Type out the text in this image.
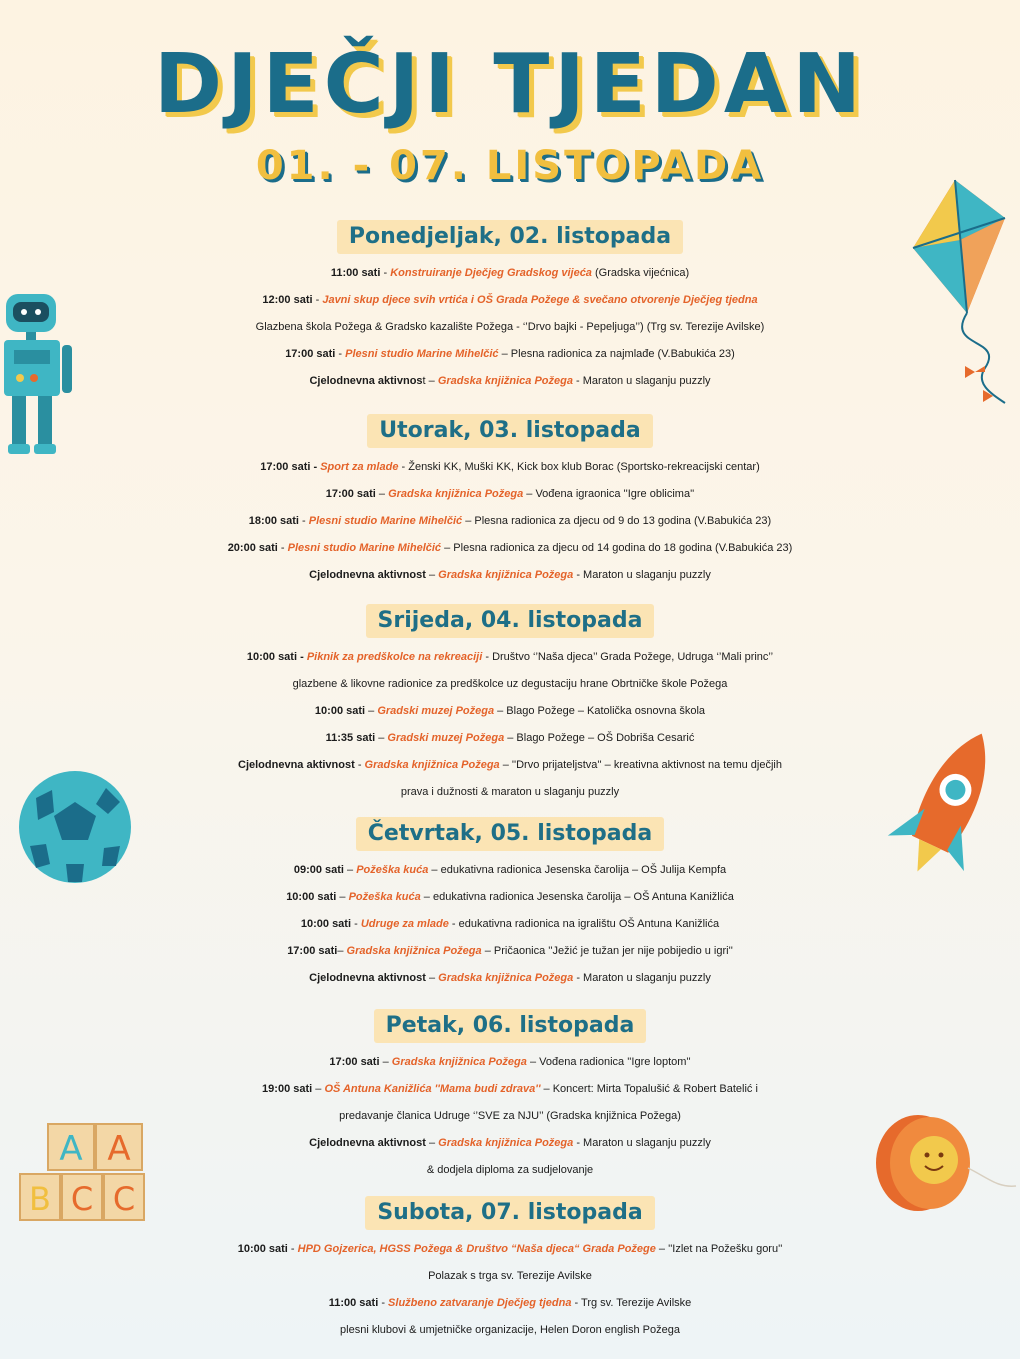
A A
B C C
DJEČJI TJEDAN
01. - 07. LISTOPADA
Ponedjeljak, 02. listopada
11:00 sati - Konstruiranje Dječjeg Gradskog vijeća (Gradska vijećnica)
12:00 sati - Javni skup djece svih vrtića i OŠ Grada Požege & svečano otvorenje Dječjeg tjedna
Glazbena škola Požega & Gradsko kazalište Požega - ‘’Drvo bajki - Pepeljuga’’) (Trg sv. Terezije Avilske)
17:00 sati - Plesni studio Marine Mihelčić – Plesna radionica za najmlađe (V.Babukića 23)
Cjelodnevna aktivnost – Gradska knjižnica Požega - Maraton u slaganju puzzly
Utorak, 03. listopada
17:00 sati - Sport za mlade - Ženski KK, Muški KK, Kick box klub Borac (Sportsko-rekreacijski centar)
17:00 sati – Gradska knjižnica Požega – Vođena igraonica ''Igre oblicima''
18:00 sati - Plesni studio Marine Mihelčić – Plesna radionica za djecu od 9 do 13 godina (V.Babukića 23)
20:00 sati - Plesni studio Marine Mihelčić – Plesna radionica za djecu od 14 godina do 18 godina (V.Babukića 23)
Cjelodnevna aktivnost – Gradska knjižnica Požega - Maraton u slaganju puzzly
Srijeda, 04. listopada
10:00 sati - Piknik za predškolce na rekreaciji - Društvo ‘’Naša djeca’’ Grada Požege, Udruga ‘’Mali princ’’
glazbene & likovne radionice za predškolce uz degustaciju hrane Obrtničke škole Požega
10:00 sati – Gradski muzej Požega – Blago Požege – Katolička osnovna škola
11:35 sati – Gradski muzej Požega – Blago Požege – OŠ Dobriša Cesarić
Cjelodnevna aktivnost - Gradska knjižnica Požega – ''Drvo prijateljstva'' – kreativna aktivnost na temu dječjih
prava i dužnosti & maraton u slaganju puzzly
Četvrtak, 05. listopada
09:00 sati – Požeška kuća – edukativna radionica Jesenska čarolija – OŠ Julija Kempfa
10:00 sati – Požeška kuća – edukativna radionica Jesenska čarolija – OŠ Antuna Kanižlića
10:00 sati - Udruge za mlade - edukativna radionica na igralištu OŠ Antuna Kanižlića
17:00 sati– Gradska knjižnica Požega – Pričaonica ''Ježić je tužan jer nije pobijedio u igri''
Cjelodnevna aktivnost – Gradska knjižnica Požega - Maraton u slaganju puzzly
Petak, 06. listopada
17:00 sati – Gradska knjižnica Požega – Vođena radionica ''Igre loptom''
19:00 sati – OŠ Antuna Kanižlića ''Mama budi zdrava'' – Koncert: Mirta Topalušić & Robert Batelić i
predavanje članica Udruge ‘’SVE za NJU’’ (Gradska knjižnica Požega)
Cjelodnevna aktivnost – Gradska knjižnica Požega - Maraton u slaganju puzzly
& dodjela diploma za sudjelovanje
Subota, 07. listopada
10:00 sati - HPD Gojzerica, HGSS Požega & Društvo “Naša djeca“ Grada Požege – ''Izlet na Požešku goru''
Polazak s trga sv. Terezije Avilske
11:00 sati - Službeno zatvaranje Dječjeg tjedna - Trg sv. Terezije Avilske
plesni klubovi & umjetničke organizacije, Helen Doron english Požega
